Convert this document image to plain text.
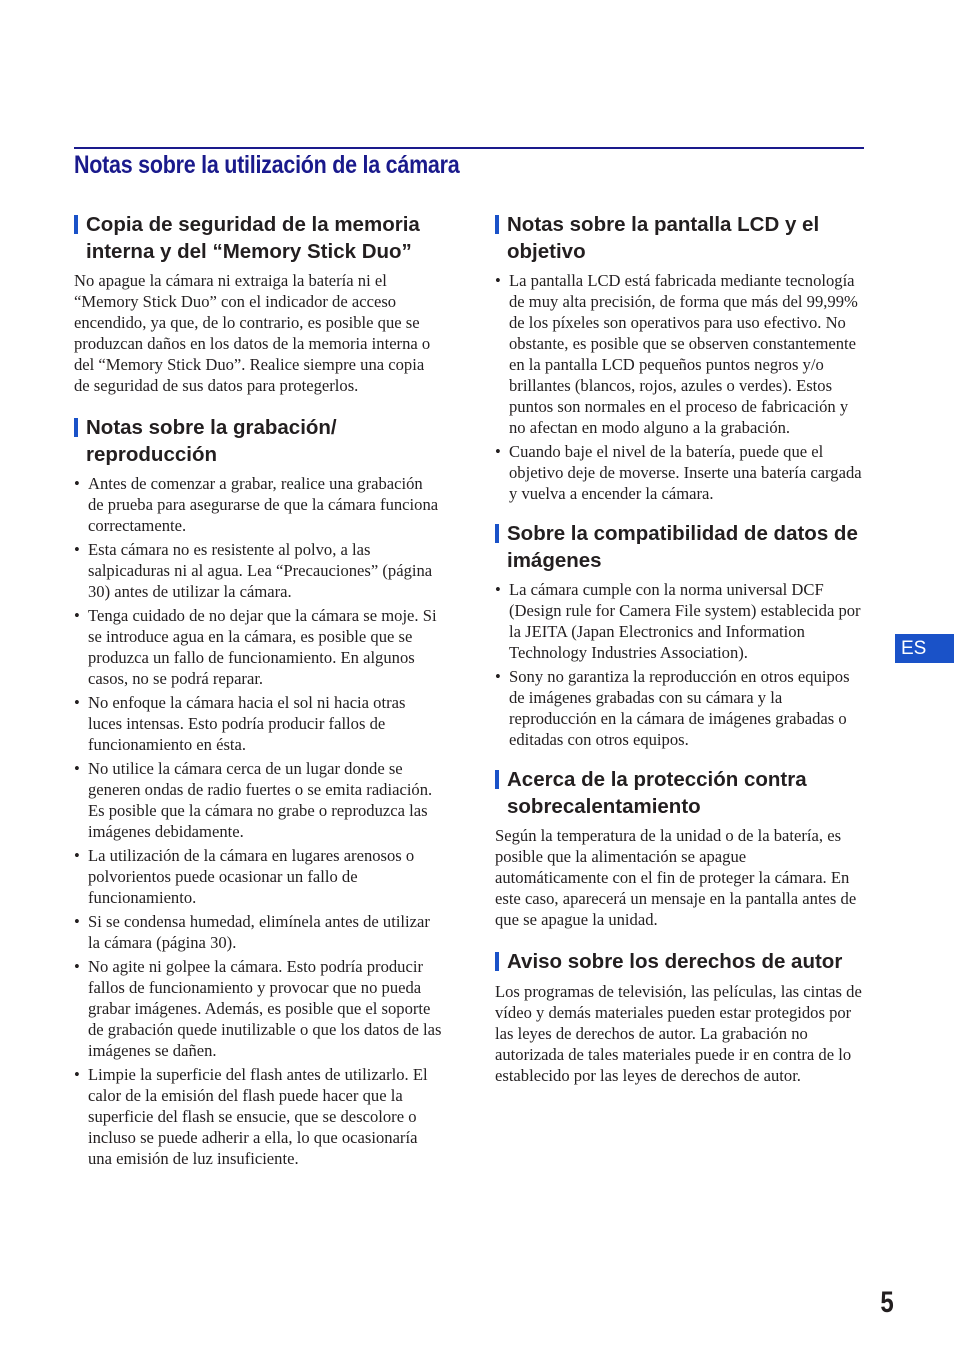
Notas sobre la utilización de la cámara
Copia de seguridad de la memoria interna y del “Memory Stick Duo”

No apague la cámara ni extraiga la batería ni el “Memory Stick Duo” con el indicador de acceso encendido, ya que, de lo contrario, es posible que se produzcan daños en los datos de la memoria interna o del “Memory Stick Duo”. Realice siempre una copia de seguridad de sus datos para protegerlos.

Notas sobre la grabación/ reproducción
• Antes de comenzar a grabar, realice una grabación de prueba para asegurarse de que la cámara funciona correctamente.
• Esta cámara no es resistente al polvo, a las salpicaduras ni al agua. Lea “Precauciones” (página 30) antes de utilizar la cámara.
• Tenga cuidado de no dejar que la cámara se moje. Si se introduce agua en la cámara, es posible que se produzca un fallo de funcionamiento. En algunos casos, no se podrá reparar.
• No enfoque la cámara hacia el sol ni hacia otras luces intensas. Esto podría producir fallos de funcionamiento en ésta.
• No utilice la cámara cerca de un lugar donde se generen ondas de radio fuertes o se emita radiación. Es posible que la cámara no grabe o reproduzca las imágenes debidamente.
• La utilización de la cámara en lugares arenosos o polvorientos puede ocasionar un fallo de funcionamiento.
• Si se condensa humedad, elimínela antes de utilizar la cámara (página 30).
• No agite ni golpee la cámara. Esto podría producir fallos de funcionamiento y provocar que no pueda grabar imágenes. Además, es posible que el soporte de grabación quede inutilizable o que los datos de las imágenes se dañen.
• Limpie la superficie del flash antes de utilizarlo. El calor de la emisión del flash puede hacer que la superficie del flash se ensucie, que se descolore o incluso se puede adherir a ella, lo que ocasionaría una emisión de luz insuficiente.
Notas sobre la pantalla LCD y el objetivo
• La pantalla LCD está fabricada mediante tecnología de muy alta precisión, de forma que más del 99,99% de los píxeles son operativos para uso efectivo. No obstante, es posible que se observen constantemente en la pantalla LCD pequeños puntos negros y/o brillantes (blancos, rojos, azules o verdes). Estos puntos son normales en el proceso de fabricación y no afectan en modo alguno a la grabación.
• Cuando baje el nivel de la batería, puede que el objetivo deje de moverse. Inserte una batería cargada y vuelva a encender la cámara.
Sobre la compatibilidad de datos de imágenes
• La cámara cumple con la norma universal DCF (Design rule for Camera File system) establecida por la JEITA (Japan Electronics and Information Technology Industries Association).
• Sony no garantiza la reproducción en otros equipos de imágenes grabadas con su cámara y la reproducción en la cámara de imágenes grabadas o editadas con otros equipos.
Acerca de la protección contra sobrecalentamiento

Según la temperatura de la unidad o de la batería, es posible que la alimentación se apague automáticamente con el fin de proteger la cámara. En este caso, aparecerá un mensaje en la pantalla antes de que se apague la unidad.

Aviso sobre los derechos de autor

Los programas de televisión, las películas, las cintas de vídeo y demás materiales pueden estar protegidos por las leyes de derechos de autor. La grabación no autorizada de tales materiales puede ir en contra de lo establecido por las leyes de derechos de autor.

ES
5
